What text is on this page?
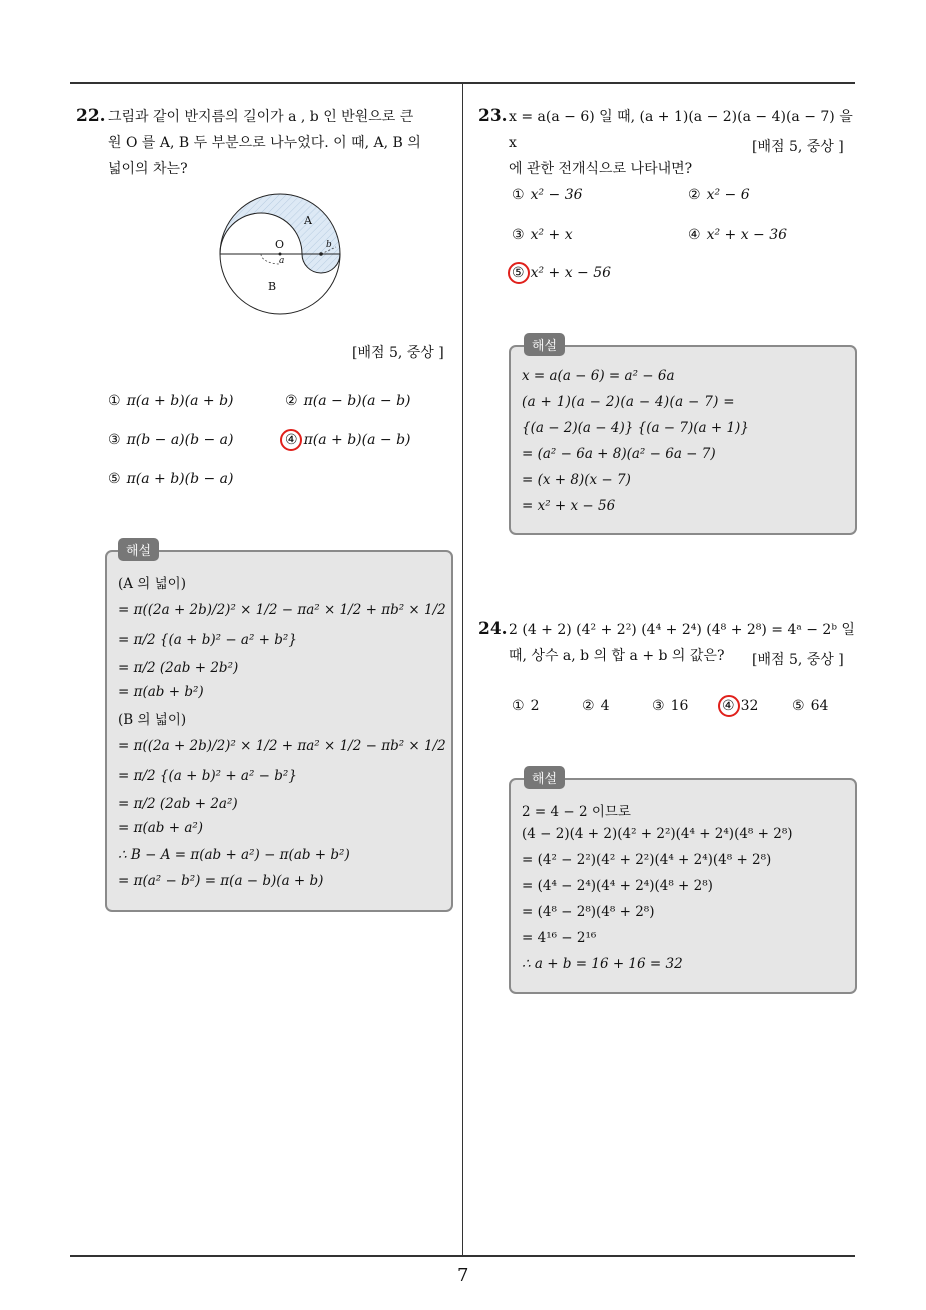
7
22. 그림과 같이 반지름의 길이가 a , b 인 반원으로 큰
원 O 를 A, B 두 부분으로 나누었다. 이 때, A, B 의
넓이의 차는?
A
O
B
a
b
[배점 5, 중상 ]
① π(a + b)(a + b)	② π(a − b)(a − b)
③ π(b − a)(b − a)	④ π(a + b)(a − b)
⑤ π(a + b)(b − a)
해설
(A 의 넓이)
= π((2a + 2b)/2)² × 1/2 − πa² × 1/2 + πb² × 1/2
= π/2 {(a + b)² − a² + b²}
= π/2 (2ab + 2b²)
= π(ab + b²)
(B 의 넓이)
= π((2a + 2b)/2)² × 1/2 + πa² × 1/2 − πb² × 1/2
= π/2 {(a + b)² + a² − b²}
= π/2 (2ab + 2a²)
= π(ab + a²)
∴ B − A = π(ab + a²) − π(ab + b²)
= π(a² − b²) = π(a − b)(a + b)
23. x = a(a − 6) 일 때, (a + 1)(a − 2)(a − 4)(a − 7) 을 x
에 관한 전개식으로 나타내면?
[배점 5, 중상 ]
① x² − 36	② x² − 6
③ x² + x	④ x² + x − 36
⑤ x² + x − 56
해설
x = a(a − 6) = a² − 6a
(a + 1)(a − 2)(a − 4)(a − 7) =
{(a − 2)(a − 4)} {(a − 7)(a + 1)}
= (a² − 6a + 8)(a² − 6a − 7)
= (x + 8)(x − 7)
= x² + x − 56
24. 2 (4 + 2) (4² + 2²) (4⁴ + 2⁴) (4⁸ + 2⁸) = 4ᵃ − 2ᵇ 일
때, 상수 a, b 의 합 a + b 의 값은?	[배점 5, 중상 ]
① 2	② 4	③ 16 ④ 32 ⑤ 64
해설
2 = 4 − 2 이므로
(4 − 2)(4 + 2)(4² + 2²)(4⁴ + 2⁴)(4⁸ + 2⁸)
= (4² − 2²)(4² + 2²)(4⁴ + 2⁴)(4⁸ + 2⁸)
= (4⁴ − 2⁴)(4⁴ + 2⁴)(4⁸ + 2⁸)
= (4⁸ − 2⁸)(4⁸ + 2⁸)
= 4¹⁶ − 2¹⁶
∴ a + b = 16 + 16 = 32
